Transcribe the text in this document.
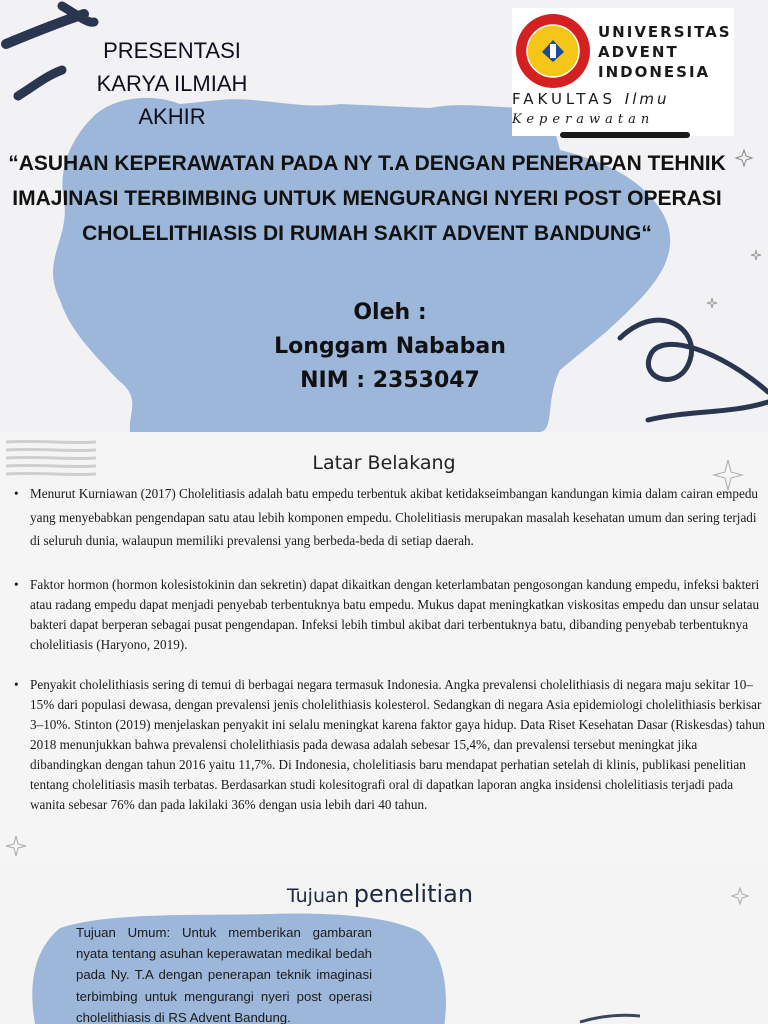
PRESENTASI KARYA ILMIAH AKHIR
UNIVERSITAS ADVENT INDONESIA
FAKULTAS Ilmu
Keperawatan
“ASUHAN KEPERAWATAN PADA NY T.A DENGAN PENERAPAN TEHNIK IMAJINASI TERBIMBING UNTUK MENGURANGI NYERI POST OPERASI CHOLELITHIASIS DI RUMAH SAKIT ADVENT BANDUNG“
Oleh :
Longgam Nababan
NIM : 2353047
Latar Belakang
• Menurut Kurniawan (2017) Cholelitiasis adalah batu empedu terbentuk akibat ketidakseimbangan kandungan kimia dalam cairan empedu yang menyebabkan pengendapan satu atau lebih komponen empedu. Cholelitiasis merupakan masalah kesehatan umum dan sering terjadi di seluruh dunia, walaupun memiliki prevalensi yang berbeda-beda di setiap daerah.
• Faktor hormon (hormon kolesistokinin dan sekretin) dapat dikaitkan dengan keterlambatan pengosongan kandung empedu, infeksi bakteri atau radang empedu dapat menjadi penyebab terbentuknya batu empedu. Mukus dapat meningkatkan viskositas empedu dan unsur selatau bakteri dapat berperan sebagai pusat pengendapan. Infeksi lebih timbul akibat dari terbentuknya batu, dibanding penyebab terbentuknya cholelitiasis (Haryono, 2019).
• Penyakit cholelithiasis sering di temui di berbagai negara termasuk Indonesia. Angka prevalensi cholelithiasis di negara maju sekitar 10– 15% dari populasi dewasa, dengan prevalensi jenis cholelithiasis kolesterol. Sedangkan di negara Asia epidemiologi cholelithiasis berkisar 3–10%. Stinton (2019) menjelaskan penyakit ini selalu meningkat karena faktor gaya hidup. Data Riset Kesehatan Dasar (Riskesdas) tahun 2018 menunjukkan bahwa prevalensi cholelithiasis pada dewasa adalah sebesar 15,4%, dan prevalensi tersebut meningkat jika dibandingkan dengan tahun 2016 yaitu 11,7%. Di Indonesia, cholelitiasis baru mendapat perhatian setelah di klinis, publikasi penelitian tentang cholelitiasis masih terbatas. Berdasarkan studi kolesitografi oral di dapatkan laporan angka insidensi cholelitiasis terjadi pada wanita sebesar 76% dan pada lakilaki 36% dengan usia lebih dari 40 tahun.
Tujuan penelitian
Tujuan Umum: Untuk memberikan gambaran nyata tentang asuhan keperawatan medikal bedah pada Ny. T.A dengan penerapan teknik imaginasi terbimbing untuk mengurangi nyeri post operasi cholelithiasis di RS Advent Bandung.
